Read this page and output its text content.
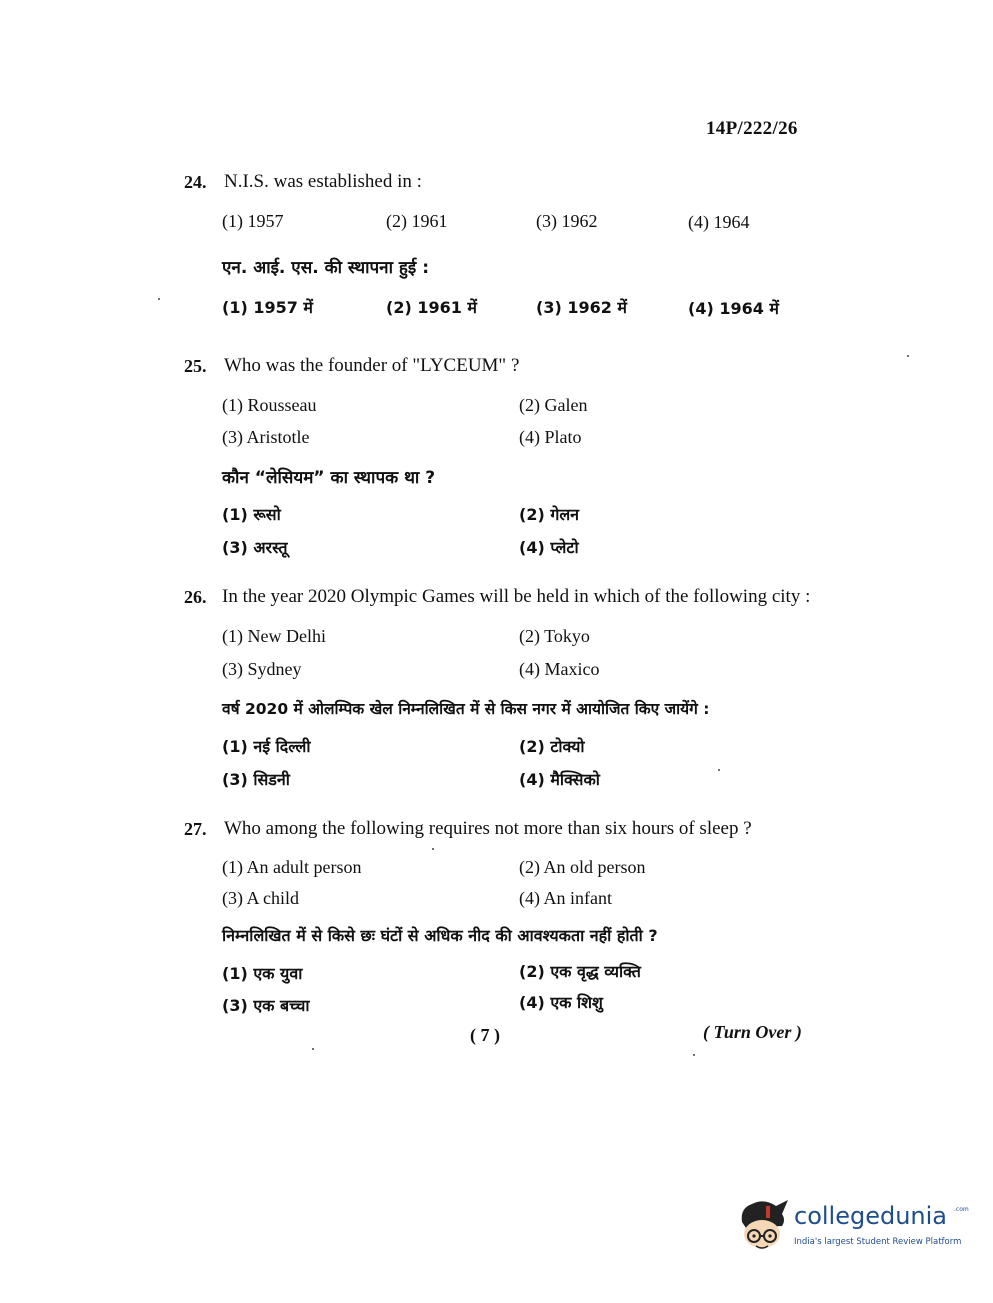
14P/222/26
24. N.I.S. was established in :
(1) 1957	(2) 1961	(3) 1962	(4) 1964
एन. आई. एस. की स्थापना हुई :
(1) 1957 में	(2) 1961 में	(3) 1962 में	(4) 1964 में
25. Who was the founder of "LYCEUM" ?
(1) Rousseau	(2) Galen
(3) Aristotle	(4) Plato
कौन “लेसियम” का स्थापक था ?
(1) रूसो	(2) गेलन
(3) अरस्तू	(4) प्लेटो
26. In the year 2020 Olympic Games will be held in which of the following city :
(1) New Delhi	(2) Tokyo
(3) Sydney	(4) Maxico
वर्ष 2020 में ओलम्पिक खेल निम्नलिखित में से किस नगर में आयोजित किए जायेंगे :
(1) नई दिल्ली	(2) टोक्यो
(3) सिडनी	(4) मैक्सिको
27. Who among the following requires not more than six hours of sleep ?
(1) An adult person	(2) An old person
(3) A child	(4) An infant
निम्नलिखित में से किसे छः घंटों से अधिक नीद की आवश्यकता नहीं होती ?
(1) एक युवा	(2) एक वृद्ध व्यक्ति
(3) एक बच्चा	(4) एक शिशु
( 7 )	( Turn Over )
collegedunia .com
India's largest Student Review Platform
